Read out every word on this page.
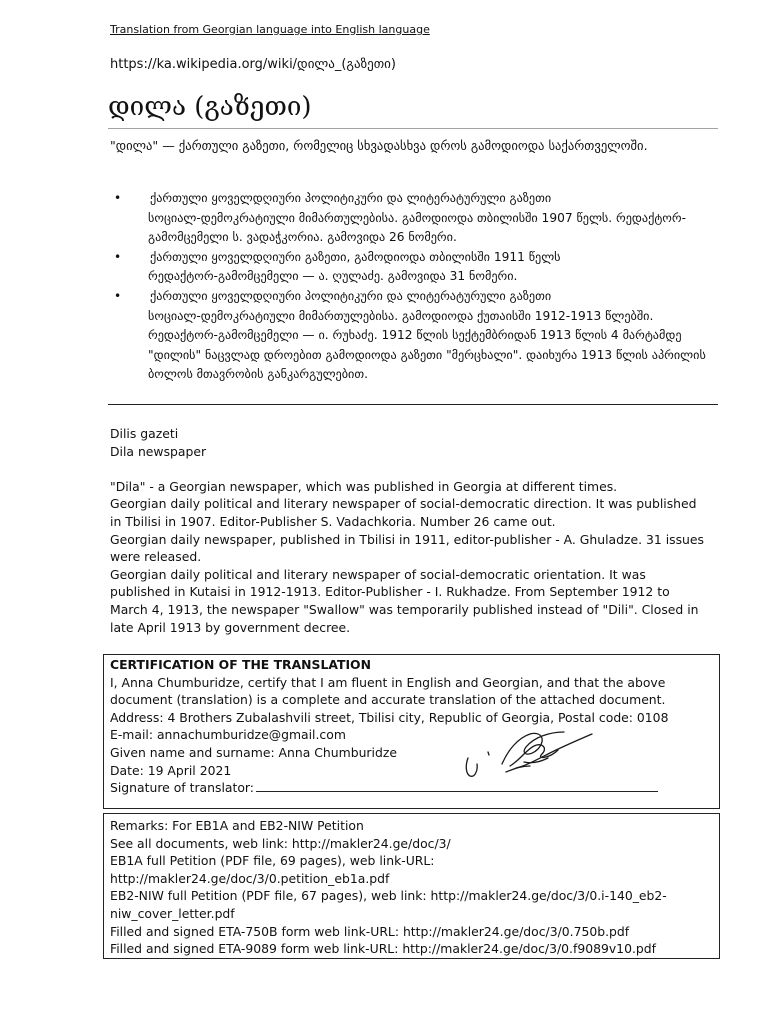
Translation from Georgian language into English language
https://ka.wikipedia.org/wiki/დილა_(გაზეთი)
დილა (გაზეთი)
"დილა" — ქართული გაზეთი, რომელიც სხვადასხვა დროს გამოდიოდა საქართველოში.
•	ქართული ყოველდღიური პოლიტიკური და ლიტერატურული გაზეთი
სოციალ-დემოკრატიული მიმართულებისა. გამოდიოდა თბილისში 1907 წელს. რედაქტორ-გამომცემელი ს. ვადაჭკორია. გამოვიდა 26 ნომერი.
•	ქართული ყოველდღიური გაზეთი, გამოდიოდა თბილისში 1911 წელს
რედაქტორ-გამომცემელი — ა. ღულაძე. გამოვიდა 31 ნომერი.
•	ქართული ყოველდღიური პოლიტიკური და ლიტერატურული გაზეთი
სოციალ-დემოკრატიული მიმართულებისა. გამოდიოდა ქუთაისში 1912-1913 წლებში. რედაქტორ-გამომცემელი — ი. რუხაძე. 1912 წლის სექტემბრიდან 1913 წლის 4 მარტამდე "დილის" ნაცვლად დროებით გამოდიოდა გაზეთი "მერცხალი". დაიხურა 1913 წლის აპრილის ბოლოს მთავრობის განკარგულებით.
Dilis gazeti
Dila newspaper

"Dila" - a Georgian newspaper, which was published in Georgia at different times.
Georgian daily political and literary newspaper of social-democratic direction. It was published
in Tbilisi in 1907. Editor-Publisher S. Vadachkoria. Number 26 came out.
Georgian daily newspaper, published in Tbilisi in 1911, editor-publisher - A. Ghuladze. 31 issues
were released.
Georgian daily political and literary newspaper of social-democratic orientation. It was
published in Kutaisi in 1912-1913. Editor-Publisher - I. Rukhadze. From September 1912 to
March 4, 1913, the newspaper "Swallow" was temporarily published instead of "Dili". Closed in
late April 1913 by government decree.
CERTIFICATION OF THE TRANSLATION
I, Anna Chumburidze, certify that I am fluent in English and Georgian, and that the above
document (translation) is a complete and accurate translation of the attached document.
Address: 4 Brothers Zubalashvili street, Tbilisi city, Republic of Georgia, Postal code: 0108
E-mail: annachumburidze@gmail.com
Given name and surname: Anna Chumburidze
Date: 19 April 2021
Signature of translator:
Remarks: For EB1A and EB2-NIW Petition
See all documents, web link: http://makler24.ge/doc/3/
EB1A full Petition (PDF file, 69 pages), web link-URL:
http://makler24.ge/doc/3/0.petition_eb1a.pdf
EB2-NIW full Petition (PDF file, 67 pages), web link: http://makler24.ge/doc/3/0.i-140_eb2-
niw_cover_letter.pdf
Filled and signed ETA-750B form web link-URL: http://makler24.ge/doc/3/0.750b.pdf
Filled and signed ETA-9089 form web link-URL: http://makler24.ge/doc/3/0.f9089v10.pdf
